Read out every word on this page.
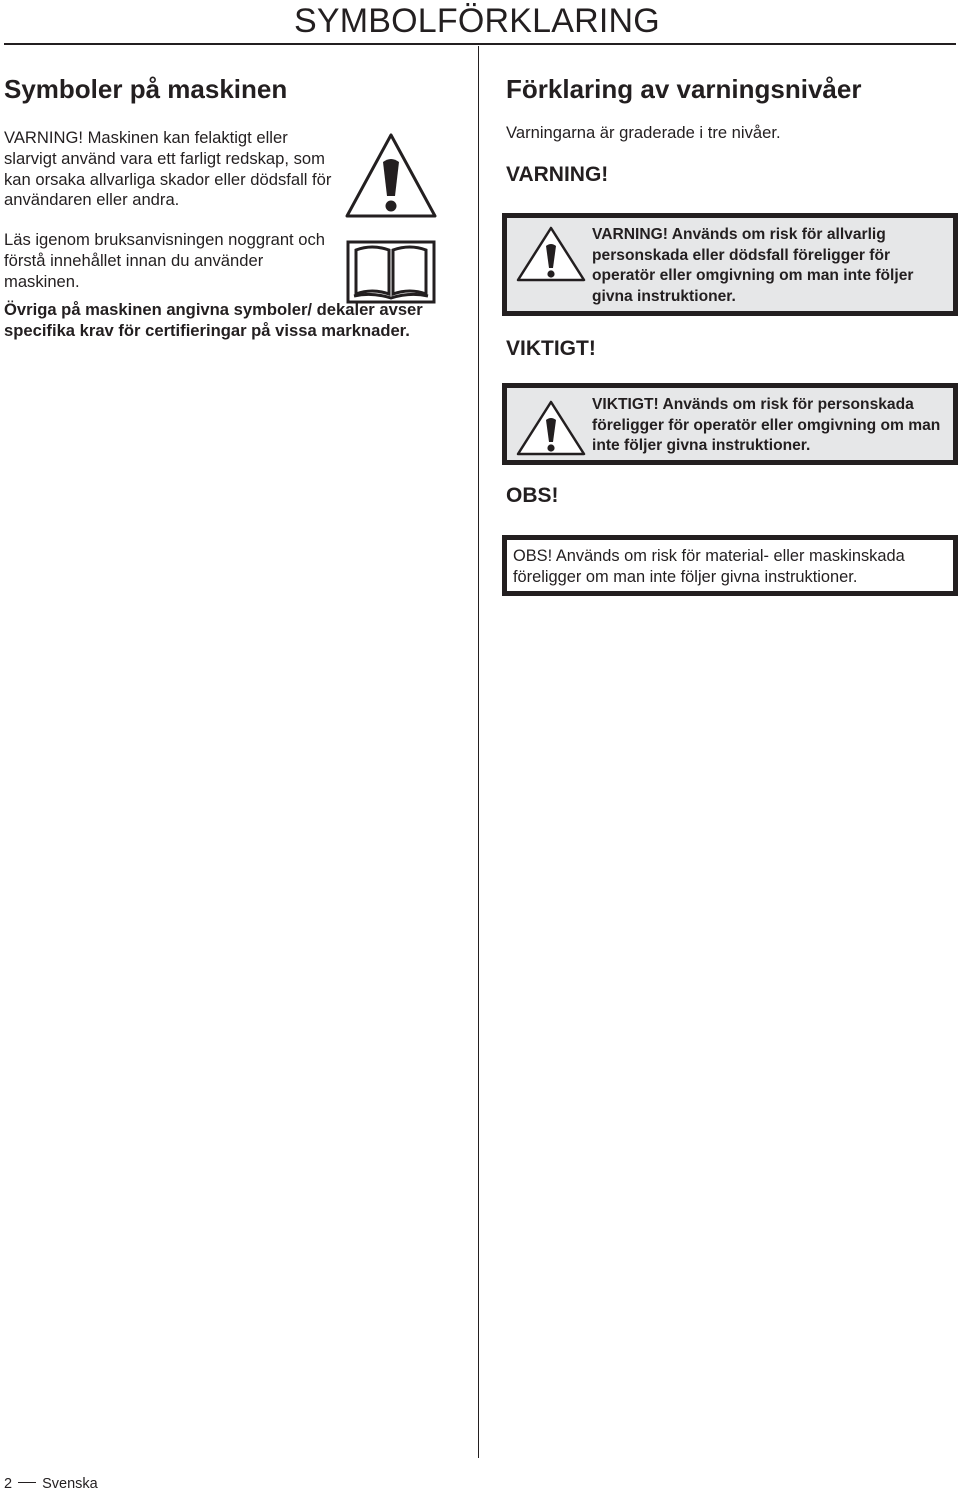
SYMBOLFÖRKLARING
Symboler på maskinen

VARNING! Maskinen kan felaktigt eller slarvigt använd vara ett farligt redskap, som kan orsaka allvarliga skador eller dödsfall för användaren eller andra.

Läs igenom bruksanvisningen noggrant och förstå innehållet innan du använder maskinen.

Övriga på maskinen angivna symboler/ dekaler avser specifika krav för certifieringar på vissa marknader.

Förklaring av varningsnivåer

Varningarna är graderade i tre nivåer.

VARNING!

VARNING! Används om risk för allvarlig personskada eller dödsfall föreligger för operatör eller omgivning om man inte följer givna instruktioner.

VIKTIGT!

VIKTIGT! Används om risk för personskada föreligger för operatör eller omgivning om man inte följer givna instruktioner.

OBS!

OBS! Används om risk för material- eller maskinskada föreligger om man inte följer givna instruktioner.

2 Svenska
